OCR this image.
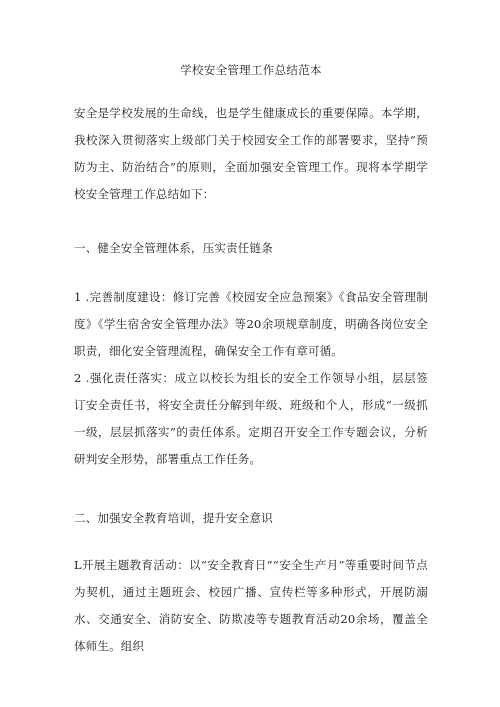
学校安全管理工作总结范本
安全是学校发展的生命线，也是学生健康成长的重要保障。本学期，我校深入贯彻落实上级部门关于校园安全工作的部署要求，坚持“预防为主、防治结合”的原则，全面加强安全管理工作。现将本学期学校安全管理工作总结如下：
一、健全安全管理体系，压实责任链条
1 .完善制度建设：修订完善《校园安全应急预案》《食品安全管理制度》《学生宿舍安全管理办法》等20余项规章制度，明确各岗位安全职责，细化安全管理流程，确保安全工作有章可循。
2 .强化责任落实：成立以校长为组长的安全工作领导小组，层层签订安全责任书，将安全责任分解到年级、班级和个人，形成“一级抓一级，层层抓落实”的责任体系。定期召开安全工作专题会议，分析研判安全形势，部署重点工作任务。
二、加强安全教育培训，提升安全意识
L开展主题教育活动：以“安全教育日”“安全生产月”等重要时间节点为契机，通过主题班会、校园广播、宣传栏等多种形式，开展防溺水、交通安全、消防安全、防欺凌等专题教育活动20余场，覆盖全体师生。组织
